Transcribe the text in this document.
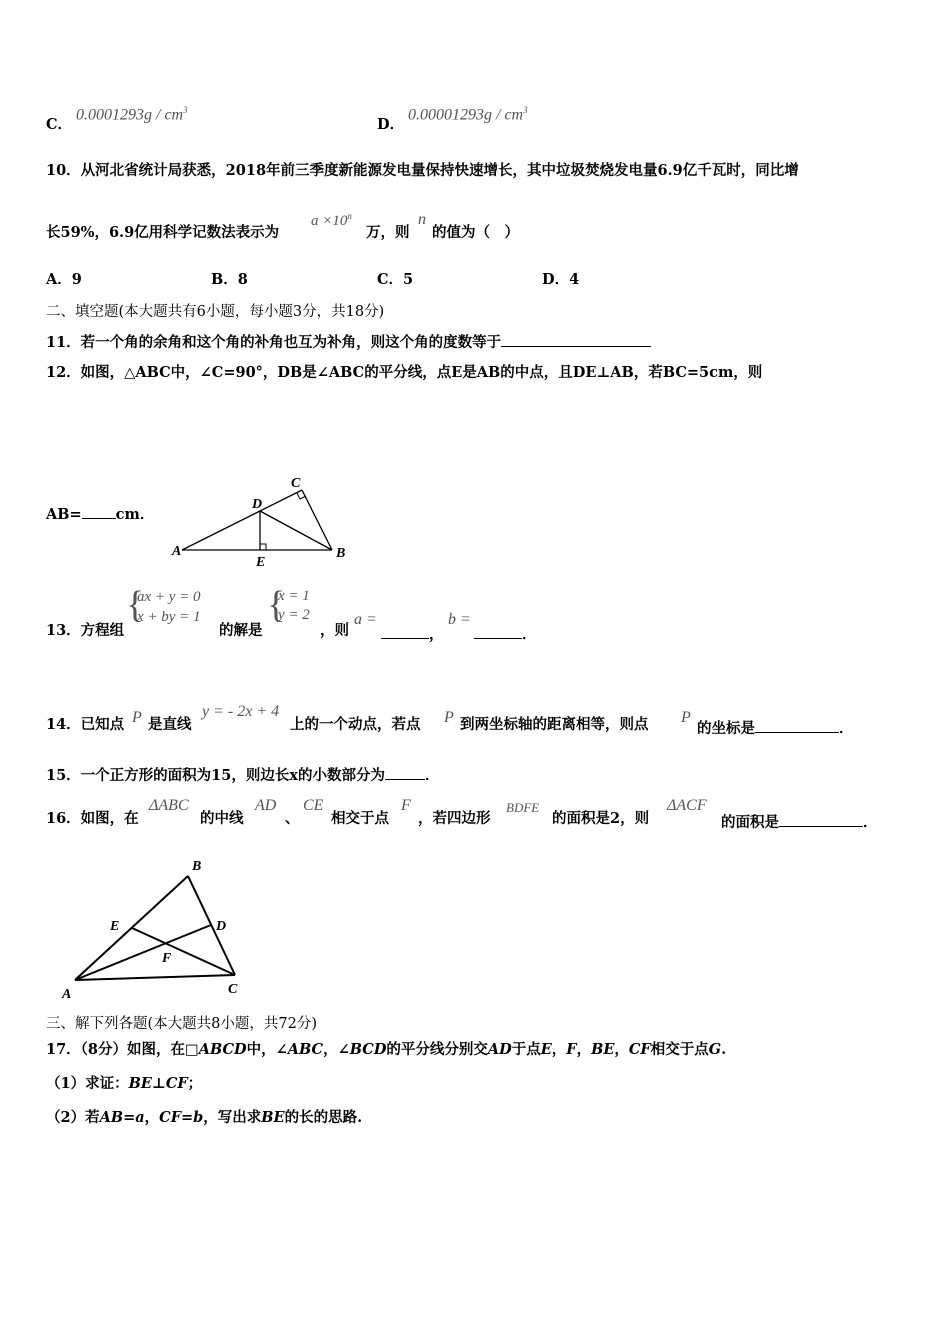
C．
$0.0001293g / cm^3$
D．
$0.00001293g / cm^3$
10．从河北省统计局获悉，2018年前三季度新能源发电量保持快速增长，其中垃圾焚烧发电量6.9亿千瓦时，同比增
长59%，6.9亿用科学记数法表示为
$a \times 10^n$
万，则
n
的值为（　）
A．9	B．8	C．5	D．4
二、填空题(本大题共有6小题，每小题3分，共18分)
11．若一个角的余角和这个角的补角也互为补角，则这个角的度数等于
12．如图，△ABC中，∠C=90°，DB是∠ABC的平分线，点E是AB的中点，且DE⊥AB，若BC=5cm，则
AB= cm．
A	B
C
D
E
13．方程组
{
ax + y = 0
x + by = 1
的解是
{
x = 1
y = 2
，则
a =
，
b =
．
14．已知点 P 是直线
y = - 2x + 4
上的一个动点，若点 P 到两坐标轴的距离相等，则点 P
的坐标是	．
15．一个正方形的面积为15，则边长x的小数部分为	．
16．如图，在
ΔABC
的中线
AD
、
CE
相交于点
F
，若四边形
BDFE
的面积是2，则
ΔACF
的面积是	．
A
B
C
D
E
F
三、解下列各题(本大题共8小题，共72分)
17．（8分）如图，在□ABCD中，∠ABC，∠BCD的平分线分别交AD于点E，F，BE，CF相交于点G.
（1）求证：BE⊥CF；
（2）若AB=a，CF=b，写出求BE的长的思路.
